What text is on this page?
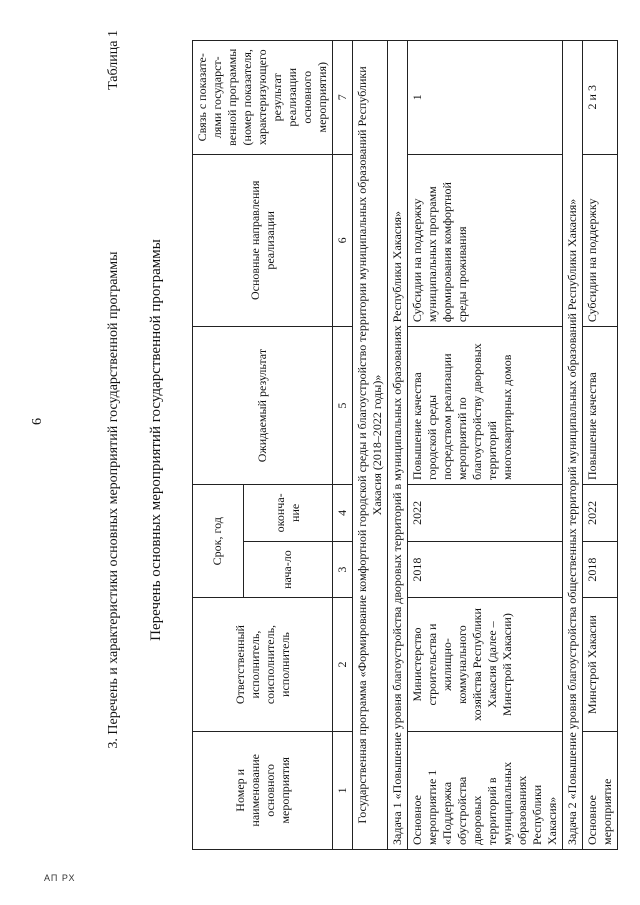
6
АП РХ
3. Перечень и характеристики основных мероприятий государственной программы
Таблица 1
Перечень основных мероприятий государственной программы
Номер и наименование основного мероприятия	Ответственный исполнитель, соисполнитель, исполнитель	Срок, год		Ожидаемый результат	Основные направления реализации	Связь с показате-лями государст-венной программы (номер показателя, характеризующего результат реализации основного мероприятия)
		нача-ло	оконча-ние			
1	2	3	4	5	6	7
Государственная программа «Формирование комфортной городской среды и благоустройство территории муниципальных образований Республики Хакасия (2018–2022 годы)»						
Задача 1 «Повышение уровня благоустройства дворовых территорий в муниципальных образованиях Республики Хакасия»						
Основное мероприятие 1 «Поддержка обустройства дворовых территорий в муниципальных образованиях Республики Хакасия»	Министерство строительства и жилищно-коммунального хозяйства Республики Хакасия (далее – Минстрой Хакасии)	2018	2022	Повышение качества городской среды посредством реализации мероприятий по благоустройству дворовых территорий многоквартирных домов	Субсидии на поддержку муниципальных программ формирования комфортной среды проживания	1
Задача 2 «Повышение уровня благоустройства общественных территорий муниципальных образований Республики Хакасия»						
Основное мероприятие	Минстрой Хакасии	2018	2022	Повышение качества	Субсидии на поддержку	2 и 3
